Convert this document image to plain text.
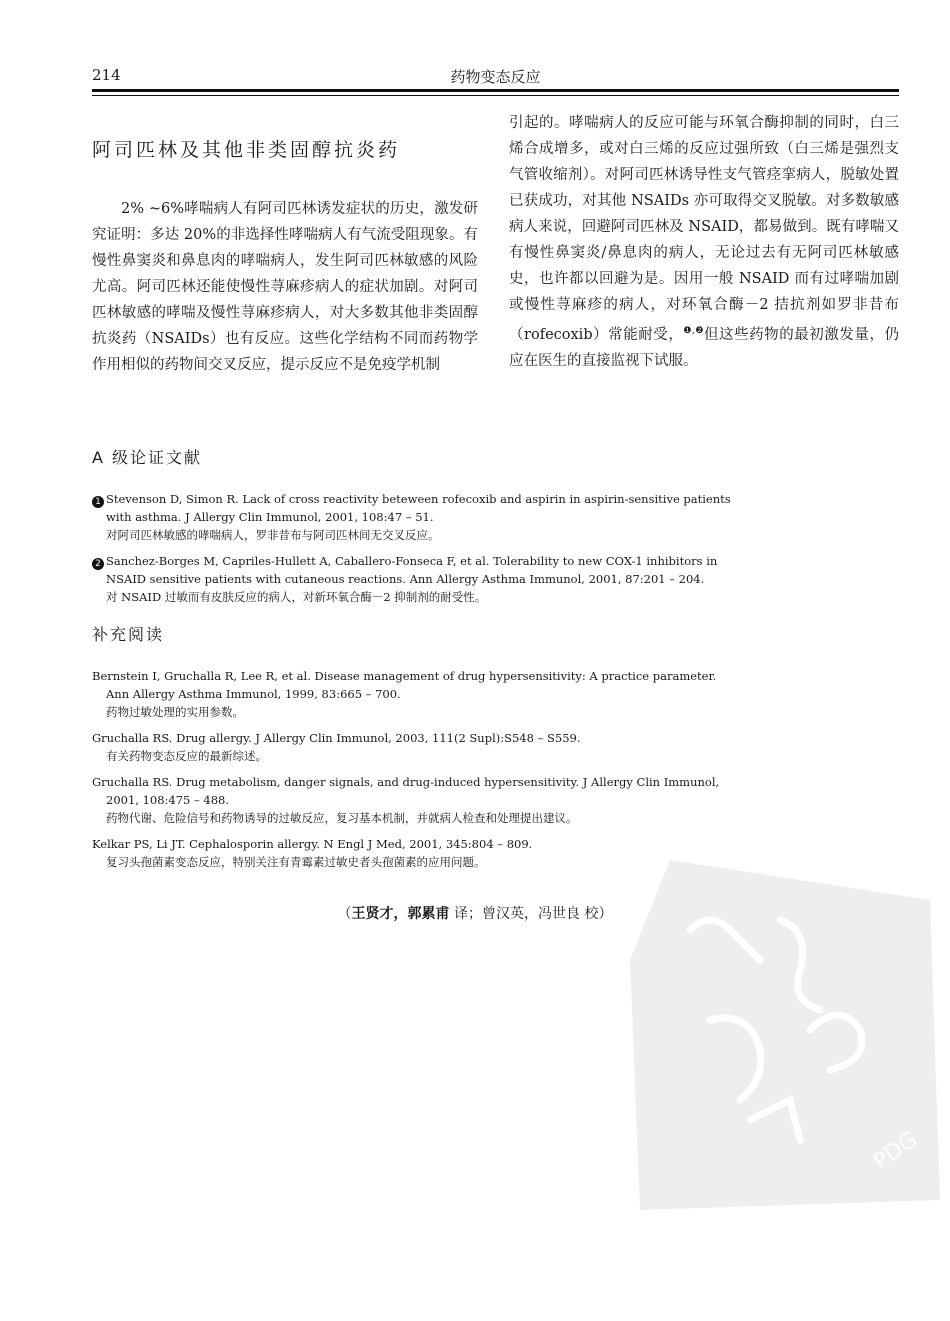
214	药物变态反应
阿司匹林及其他非类固醇抗炎药

2% ~6%哮喘病人有阿司匹林诱发症状的历史，激发研究证明：多达 20%的非选择性哮喘病人有气流受阻现象。有慢性鼻窦炎和鼻息肉的哮喘病人，发生阿司匹林敏感的风险尤高。阿司匹林还能使慢性荨麻疹病人的症状加剧。对阿司匹林敏感的哮喘及慢性荨麻疹病人，对大多数其他非类固醇抗炎药（NSAIDs）也有反应。这些化学结构不同而药物学作用相似的药物间交叉反应，提示反应不是免疫学机制

引起的。哮喘病人的反应可能与环氧合酶抑制的同时，白三烯合成增多，或对白三烯的反应过强所致（白三烯是强烈支气管收缩剂）。对阿司匹林诱导性支气管痉挛病人，脱敏处置已获成功，对其他 NSAIDs 亦可取得交叉脱敏。对多数敏感病人来说，回避阿司匹林及 NSAID，都易做到。既有哮喘又有慢性鼻窦炎/鼻息肉的病人，无论过去有无阿司匹林敏感史，也许都以回避为是。因用一般 NSAID 而有过哮喘加剧或慢性荨麻疹的病人，对环氧合酶－2 拮抗剂如罗非昔布（rofecoxib）常能耐受，$^{❶,❷}$但这些药物的最初激发量，仍应在医生的直接监视下试服。

A 级论证文献

1 Stevenson D, Simon R. Lack of cross reactivity beteween rofecoxib and aspirin in aspirin-sensitive patients
with asthma. J Allergy Clin Immunol, 2001, 108:47 – 51.

对阿司匹林敏感的哮喘病人，罗非昔布与阿司匹林间无交叉反应。

2 Sanchez-Borges M, Capriles-Hullett A, Caballero-Fonseca F, et al. Tolerability to new COX-1 inhibitors in
NSAID sensitive patients with cutaneous reactions. Ann Allergy Asthma Immunol, 2001, 87:201 – 204.

对 NSAID 过敏而有皮肤反应的病人，对新环氧合酶－2 抑制剂的耐受性。

补充阅读

Bernstein I, Gruchalla R, Lee R, et al. Disease management of drug hypersensitivity: A practice parameter.
Ann Allergy Asthma Immunol, 1999, 83:665 – 700.

药物过敏处理的实用参数。

Gruchalla RS. Drug allergy. J Allergy Clin Immunol, 2003, 111(2 Supl):S548 – S559.

有关药物变态反应的最新综述。

Gruchalla RS. Drug metabolism, danger signals, and drug-induced hypersensitivity. J Allergy Clin Immunol,
2001, 108:475 – 488.

药物代谢、危险信号和药物诱导的过敏反应，复习基本机制，并就病人检查和处理提出建议。

Kelkar PS, Li JT. Cephalosporin allergy. N Engl J Med, 2001, 345:804 – 809.

复习头孢菌素变态反应，特别关注有青霉素过敏史者头孢菌素的应用问题。

（王贤才，郭累甫 译；曾汉英，冯世良 校）
PDG
